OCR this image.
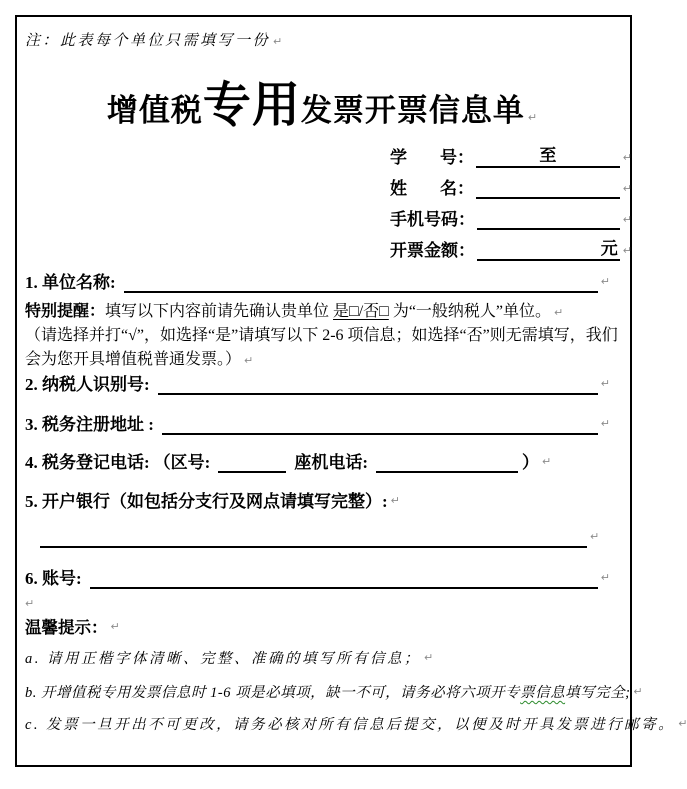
注：此表每个单位只需填写一份 ↵

增值税专用发票开票信息单 ↵
学　号 ：	至	↵
姓　名 ：	↵
手机号码 ：	↵
开票金额 ：	元 ↵
1. 单位名称:	↵

特别提醒：填写以下内容前请先确认贵单位 是□/否□ 为“一般纳税人”单位。 ↵

（请选择并打“√”，如选择“是”请填写以下 2-6 项信息；如选择“否”则无需填写，我们会为您开具增值税普通发票。） ↵

2. 纳税人识别号:	↵
3. 税务注册地址 :	↵
4. 税务登记电话: （区号:	座机电话:	） ↵
5. 开户银行（如包括分支行及网点请填写完整）: ↵
↵
6. 账号:	↵
↵
温馨提示： ↵
a. 请用正楷字体清晰、完整、准确的填写所有信息； ↵
b. 开增值税专用发票信息时 1-6 项是必填项，缺一不可，请务必将六项开专 票信息 填写完全; ↵
c. 发票一旦开出不可更改，请务必核对所有信息后提交，以便及时开具发票进行邮寄。 ↵
